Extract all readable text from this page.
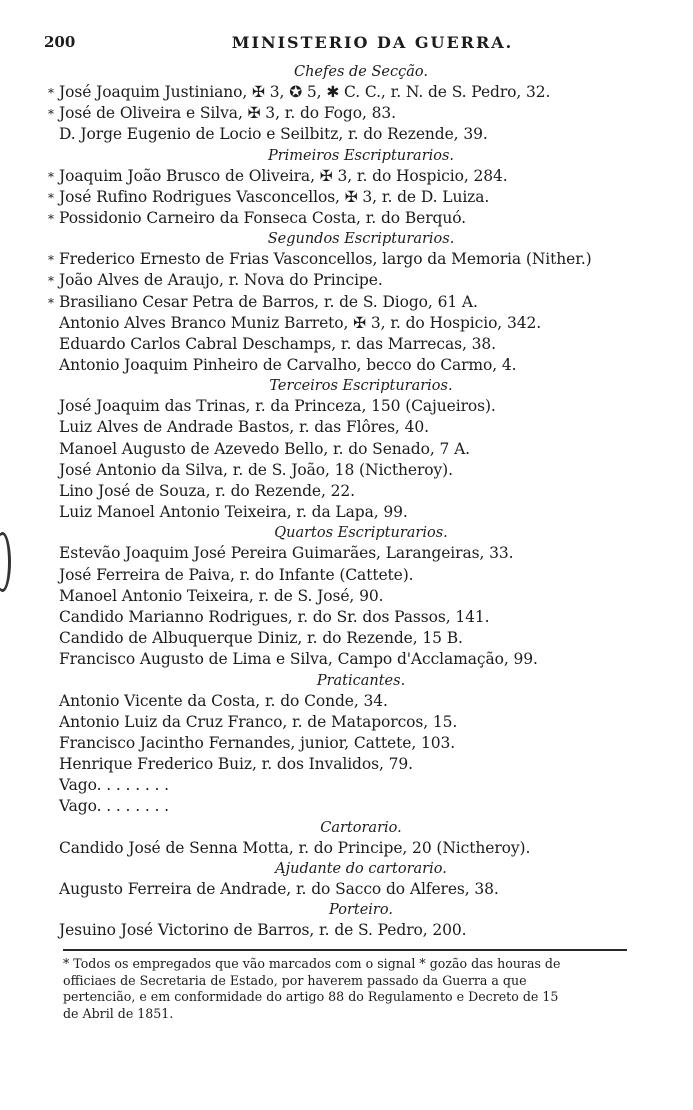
200	MINISTERIO DA GUERRA.
Chefes de Secção.
* José Joaquim Justiniano, ✠ 3, ✪ 5, ✱ C. C., r. N. de S. Pedro, 32.
* José de Oliveira e Silva, ✠ 3, r. do Fogo, 83.
D. Jorge Eugenio de Locio e Seilbitz, r. do Rezende, 39.
Primeiros Escripturarios.
* Joaquim João Brusco de Oliveira, ✠ 3, r. do Hospicio, 284.
* José Rufino Rodrigues Vasconcellos, ✠ 3, r. de D. Luiza.
* Possidonio Carneiro da Fonseca Costa, r. do Berquó.
Segundos Escripturarios.
* Frederico Ernesto de Frias Vasconcellos, largo da Memoria (Nither.)
* João Alves de Araujo, r. Nova do Principe.
* Brasiliano Cesar Petra de Barros, r. de S. Diogo, 61 A.
Antonio Alves Branco Muniz Barreto, ✠ 3, r. do Hospicio, 342.
Eduardo Carlos Cabral Deschamps, r. das Marrecas, 38.
Antonio Joaquim Pinheiro de Carvalho, becco do Carmo, 4.
Terceiros Escripturarios.
José Joaquim das Trinas, r. da Princeza, 150 (Cajueiros).
Luiz Alves de Andrade Bastos, r. das Flôres, 40.
Manoel Augusto de Azevedo Bello, r. do Senado, 7 A.
José Antonio da Silva, r. de S. João, 18 (Nictheroy).
Lino José de Souza, r. do Rezende, 22.
Luiz Manoel Antonio Teixeira, r. da Lapa, 99.
Quartos Escripturarios.
Estevão Joaquim José Pereira Guimarães, Larangeiras, 33.
José Ferreira de Paiva, r. do Infante (Cattete).
Manoel Antonio Teixeira, r. de S. José, 90.
Candido Marianno Rodrigues, r. do Sr. dos Passos, 141.
Candido de Albuquerque Diniz, r. do Rezende, 15 B.
Francisco Augusto de Lima e Silva, Campo d'Acclamação, 99.
Praticantes.
Antonio Vicente da Costa, r. do Conde, 34.
Antonio Luiz da Cruz Franco, r. de Mataporcos, 15.
Francisco Jacintho Fernandes, junior, Cattete, 103.
Henrique Frederico Buiz, r. dos Invalidos, 79.
Vago. . . . . . . .
Vago. . . . . . . .
Cartorario.
Candido José de Senna Motta, r. do Principe, 20 (Nictheroy).
Ajudante do cartorario.
Augusto Ferreira de Andrade, r. do Sacco do Alferes, 38.
Porteiro.
Jesuino José Victorino de Barros, r. de S. Pedro, 200.
* Todos os empregados que vão marcados com o signal * gozão das houras de
officiaes de Secretaria de Estado, por haverem passado da Guerra a que
pertencião, e em conformidade do artigo 88 do Regulamento e Decreto de 15
de Abril de 1851.
